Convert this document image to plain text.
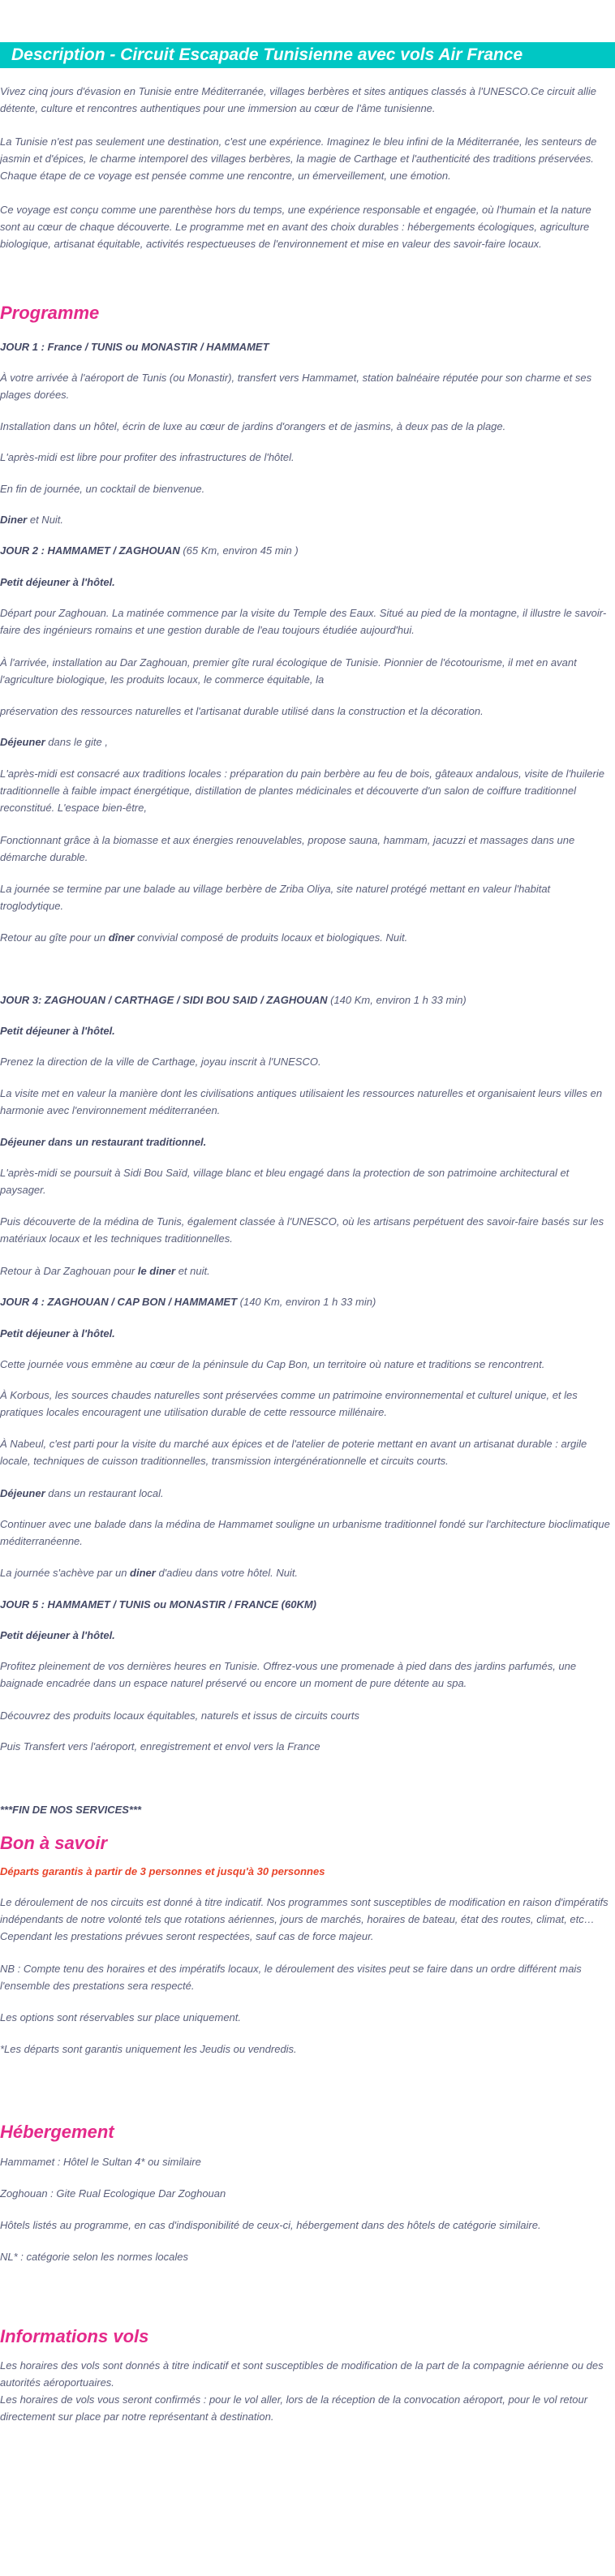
Description - Circuit Escapade Tunisienne avec vols Air France

Vivez cinq jours d'évasion en Tunisie entre Méditerranée, villages berbères et sites antiques classés à l'UNESCO.Ce circuit allie détente, culture et rencontres authentiques pour une immersion au cœur de l'âme tunisienne.

La Tunisie n'est pas seulement une destination, c'est une expérience. Imaginez le bleu infini de la Méditerranée, les senteurs de jasmin et d'épices, le charme intemporel des villages berbères, la magie de Carthage et l'authenticité des traditions préservées. Chaque étape de ce voyage est pensée comme une rencontre, un émerveillement, une émotion.

Ce voyage est conçu comme une parenthèse hors du temps, une expérience responsable et engagée, où l'humain et la nature sont au cœur de chaque découverte. Le programme met en avant des choix durables : hébergements écologiques, agriculture biologique, artisanat équitable, activités respectueuses de l'environnement et mise en valeur des savoir-faire locaux.

Programme

JOUR 1 : France / TUNIS ou MONASTIR / HAMMAMET

À votre arrivée à l'aéroport de Tunis (ou Monastir), transfert vers Hammamet, station balnéaire réputée pour son charme et ses plages dorées.

Installation dans un hôtel, écrin de luxe au cœur de jardins d'orangers et de jasmins, à deux pas de la plage.

L'après-midi est libre pour profiter des infrastructures de l'hôtel.

En fin de journée, un cocktail de bienvenue.

Diner et Nuit.

JOUR 2 : HAMMAMET / ZAGHOUAN (65 Km, environ 45 min )

Petit déjeuner à l'hôtel.

Départ pour Zaghouan. La matinée commence par la visite du Temple des Eaux. Situé au pied de la montagne, il illustre le savoir-faire des ingénieurs romains et une gestion durable de l'eau toujours étudiée aujourd'hui.

À l'arrivée, installation au Dar Zaghouan, premier gîte rural écologique de Tunisie. Pionnier de l'écotourisme, il met en avant l'agriculture biologique, les produits locaux, le commerce équitable, la

préservation des ressources naturelles et l'artisanat durable utilisé dans la construction et la décoration.

Déjeuner dans le gite ,

L'après-midi est consacré aux traditions locales : préparation du pain berbère au feu de bois, gâteaux andalous, visite de l'huilerie traditionnelle à faible impact énergétique, distillation de plantes médicinales et découverte d'un salon de coiffure traditionnel reconstitué. L'espace bien-être,

Fonctionnant grâce à la biomasse et aux énergies renouvelables, propose sauna, hammam, jacuzzi et massages dans une démarche durable.

La journée se termine par une balade au village berbère de Zriba Oliya, site naturel protégé mettant en valeur l'habitat troglodytique.

Retour au gîte pour un dîner convivial composé de produits locaux et biologiques. Nuit.

JOUR 3: ZAGHOUAN / CARTHAGE / SIDI BOU SAID / ZAGHOUAN (140 Km, environ 1 h 33 min)

Petit déjeuner à l'hôtel.

Prenez la direction de la ville de Carthage, joyau inscrit à l'UNESCO.

La visite met en valeur la manière dont les civilisations antiques utilisaient les ressources naturelles et organisaient leurs villes en harmonie avec l'environnement méditerranéen.

Déjeuner dans un restaurant traditionnel.

L'après-midi se poursuit à Sidi Bou Saïd, village blanc et bleu engagé dans la protection de son patrimoine architectural et paysager.

Puis découverte de la médina de Tunis, également classée à l'UNESCO, où les artisans perpétuent des savoir-faire basés sur les matériaux locaux et les techniques traditionnelles.

Retour à Dar Zaghouan pour le diner et nuit.

JOUR 4 : ZAGHOUAN / CAP BON / HAMMAMET (140 Km, environ 1 h 33 min)

Petit déjeuner à l'hôtel.

Cette journée vous emmène au cœur de la péninsule du Cap Bon, un territoire où nature et traditions se rencontrent.

À Korbous, les sources chaudes naturelles sont préservées comme un patrimoine environnemental et culturel unique, et les pratiques locales encouragent une utilisation durable de cette ressource millénaire.

À Nabeul, c'est parti pour la visite du marché aux épices et de l'atelier de poterie mettant en avant un artisanat durable : argile locale, techniques de cuisson traditionnelles, transmission intergénérationnelle et circuits courts.

Déjeuner dans un restaurant local.

Continuer avec une balade dans la médina de Hammamet souligne un urbanisme traditionnel fondé sur l'architecture bioclimatique méditerranéenne.

La journée s'achève par un diner d'adieu dans votre hôtel. Nuit.

JOUR 5 : HAMMAMET / TUNIS ou MONASTIR / FRANCE (60KM)

Petit déjeuner à l'hôtel.

Profitez pleinement de vos dernières heures en Tunisie. Offrez-vous une promenade à pied dans des jardins parfumés, une baignade encadrée dans un espace naturel préservé ou encore un moment de pure détente au spa.

Découvrez des produits locaux équitables, naturels et issus de circuits courts

Puis Transfert vers l'aéroport, enregistrement et envol vers la France

***FIN DE NOS SERVICES***

Bon à savoir

Départs garantis à partir de 3 personnes et jusqu'à 30 personnes

Le déroulement de nos circuits est donné à titre indicatif. Nos programmes sont susceptibles de modification en raison d'impératifs indépendants de notre volonté tels que rotations aériennes, jours de marchés, horaires de bateau, état des routes, climat, etc… Cependant les prestations prévues seront respectées, sauf cas de force majeur.

NB : Compte tenu des horaires et des impératifs locaux, le déroulement des visites peut se faire dans un ordre différent mais l'ensemble des prestations sera respecté.

Les options sont réservables sur place uniquement.

*Les départs sont garantis uniquement les Jeudis ou vendredis.

Hébergement

Hammamet : Hôtel le Sultan 4* ou similaire

Zoghouan : Gite Rual Ecologique Dar Zoghouan

Hôtels listés au programme, en cas d'indisponibilité de ceux-ci, hébergement dans des hôtels de catégorie similaire.

NL* : catégorie selon les normes locales

Informations vols

Les horaires des vols sont donnés à titre indicatif et sont susceptibles de modification de la part de la compagnie aérienne ou des autorités aéroportuaires.

Les horaires de vols vous seront confirmés : pour le vol aller, lors de la réception de la convocation aéroport, pour le vol retour directement sur place par notre représentant à destination.
